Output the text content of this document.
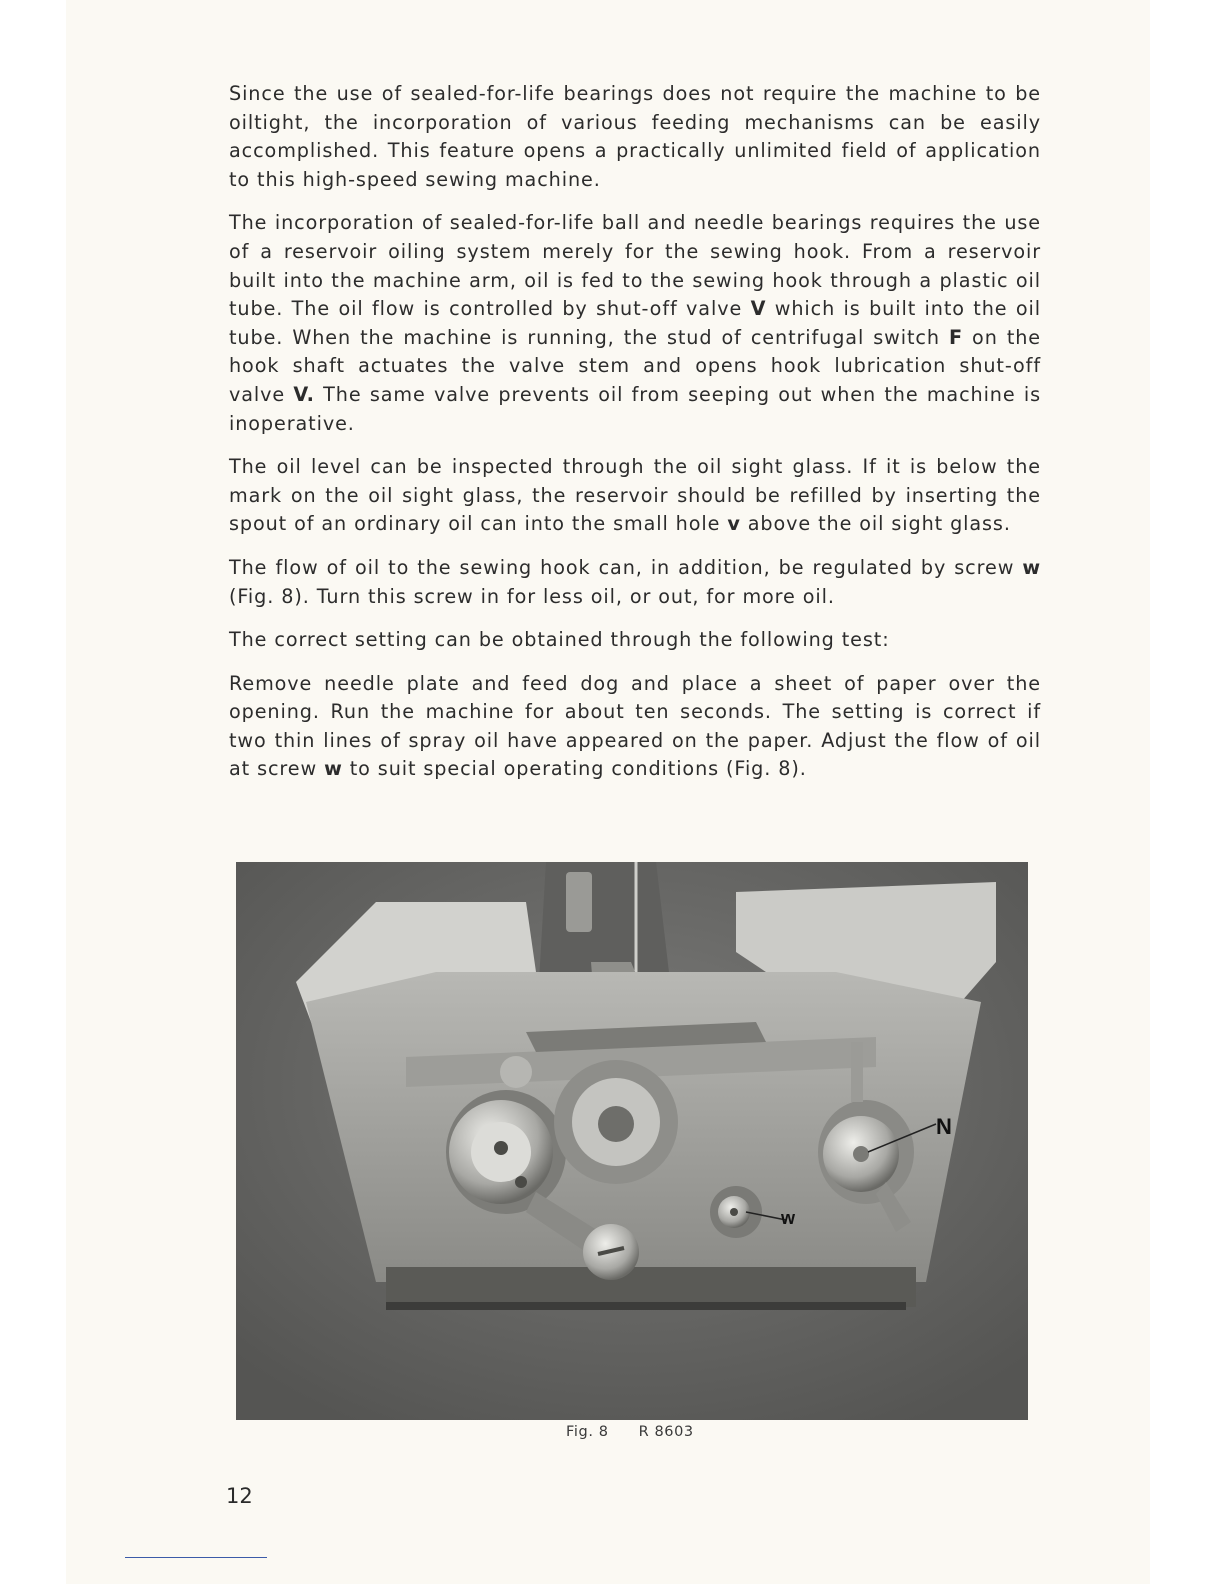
Since the use of sealed-for-life bearings does not require the machine to be oiltight, the incorporation of various feeding mechanisms can be easily accomplished. This feature opens a practically unlimited field of application to this high-speed sewing machine.

The incorporation of sealed-for-life ball and needle bearings requires the use of a reservoir oiling system merely for the sewing hook. From a reservoir built into the machine arm, oil is fed to the sewing hook through a plastic oil tube. The oil flow is controlled by shut-off valve V which is built into the oil tube. When the machine is running, the stud of centrifugal switch F on the hook shaft actuates the valve stem and opens hook lubrication shut-off valve V. The same valve prevents oil from seeping out when the machine is inoperative.

The oil level can be inspected through the oil sight glass. If it is below the mark on the oil sight glass, the reservoir should be refilled by inserting the spout of an ordinary oil can into the small hole v above the oil sight glass.

The flow of oil to the sewing hook can, in addition, be regulated by screw w (Fig. 8). Turn this screw in for less oil, or out, for more oil.

The correct setting can be obtained through the following test:

Remove needle plate and feed dog and place a sheet of paper over the opening. Run the machine for about ten seconds. The setting is correct if two thin lines of spray oil have appeared on the paper. Adjust the flow of oil at screw w to suit special operating conditions (Fig. 8).

N
w
Fig. 8 R 8603
12
